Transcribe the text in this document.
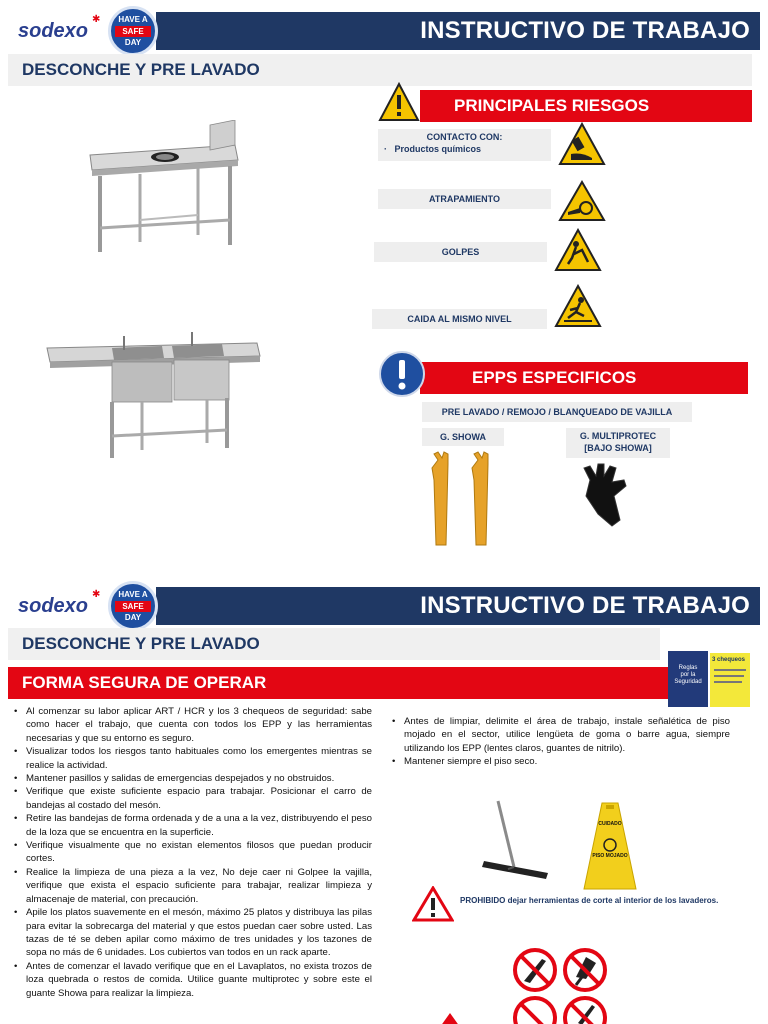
sodexo
✱	HAVE A
SAFE DAY	INSTRUCTIVO DE TRABAJO
DESCONCHE Y PRE LAVADO
PRINCIPALES RIESGOS
CONTACTO CON:
·   Productos químicos
ATRAPAMIENTO
GOLPES
CAIDA AL MISMO NIVEL
EPPS ESPECIFICOS
PRE LAVADO / REMOJO / BLANQUEADO DE VAJILLA
G. SHOWA	G. MULTIPROTEC
[BAJO SHOWA]
sodexo
✱	HAVE A
SAFE DAY	INSTRUCTIVO DE TRABAJO
DESCONCHE Y PRE LAVADO
FORMA SEGURA DE OPERAR
Reglas
por la
Seguridad
3 chequeos
• Al comenzar su labor aplicar ART / HCR y los 3 chequeos de seguridad: sabe como hacer el trabajo, que cuenta con todos los EPP y las herramientas necesarias y que su entorno es seguro.
• Visualizar todos los riesgos tanto habituales como los emergentes mientras se realice la actividad.
• Mantener pasillos y salidas de emergencias despejados y no obstruidos.
• Verifique que existe suficiente espacio para trabajar. Posicionar el carro de bandejas al costado del mesón.
• Retire las bandejas de forma ordenada y de a una a la vez, distribuyendo el peso de la loza que se encuentra en la superficie.
• Verifique visualmente que no existan elementos filosos que puedan producir cortes.
• Realice la limpieza de una pieza a la vez, No deje caer ni Golpee la vajilla, verifique que exista el espacio suficiente para trabajar, realizar limpieza y almacenaje de material, con precaución.
• Apile los platos suavemente en el mesón, máximo 25 platos y distribuya las pilas para evitar la sobrecarga del material y que estos puedan caer sobre usted. Las tazas de té se deben apilar como máximo de tres unidades y los tazones de sopa no más de 6 unidades. Los cubiertos van todos en un rack aparte.
• Antes de comenzar el lavado verifique que en el Lavaplatos, no exista trozos de loza quebrada o restos de comida. Utilice guante multiprotec y sobre este el guante Showa para realizar la limpieza.
• Antes de limpiar, delimite el área de trabajo, instale señalética de piso mojado en el sector, utilice lengüeta de goma o barre agua, siempre utilizando los EPP (lentes claros, guantes de nitrilo).
• Mantener siempre el piso seco.
CUIDADO
PISO MOJADO
PROHIBIDO dejar herramientas de corte al interior de los lavaderos.
